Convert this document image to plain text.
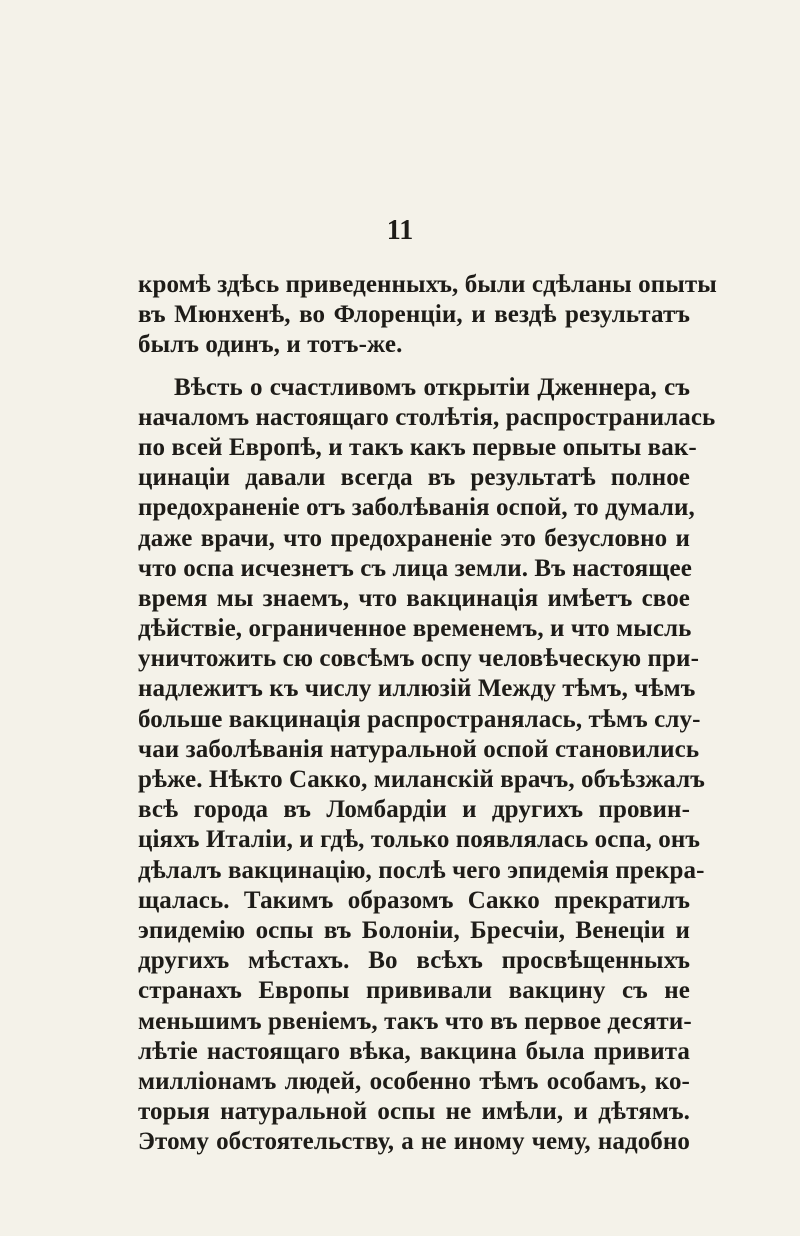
11
кромѣ здѣсь приведенныхъ, были сдѣланы опыты
въ Мюнхенѣ, во Флоренціи, и вездѣ результатъ
былъ одинъ, и тотъ-же.
Вѣсть о счастливомъ открытіи Дженнера, съ
началомъ настоящаго столѣтія, распространилась
по всей Европѣ, и такъ какъ первые опыты вак-
цинаціи давали всегда въ результатѣ полное
предохраненіе отъ заболѣванія оспой, то думали,
даже врачи, что предохраненіе это безусловно и
что оспа исчезнетъ съ лица земли. Въ настоящее
время мы знаемъ, что вакцинація имѣетъ свое
дѣйствіе, ограниченное временемъ, и что мысль
уничтожить сю совсѣмъ оспу человѣческую при-
надлежитъ къ числу иллюзій Между тѣмъ, чѣмъ
больше вакцинація распространялась, тѣмъ слу-
чаи заболѣванія натуральной оспой становились
рѣже. Нѣкто Сакко, миланскій врачъ, объѣзжалъ
всѣ города въ Ломбардіи и другихъ провин-
ціяхъ Италіи, и гдѣ, только появлялась оспа, онъ
дѣлалъ вакцинацію, послѣ чего эпидемія прекра-
щалась. Такимъ образомъ Сакко прекратилъ
эпидемію оспы въ Болоніи, Бресчіи, Венеціи и
другихъ мѣстахъ. Во всѣхъ просвѣщенныхъ
странахъ Европы прививали вакцину съ не
меньшимъ рвеніемъ, такъ что въ первое десяти-
лѣтіе настоящаго вѣка, вакцина была привита
милліонамъ людей, особенно тѣмъ особамъ, ко-
торыя натуральной оспы не имѣли, и дѣтямъ.
Этому обстоятельству, а не иному чему, надобно
